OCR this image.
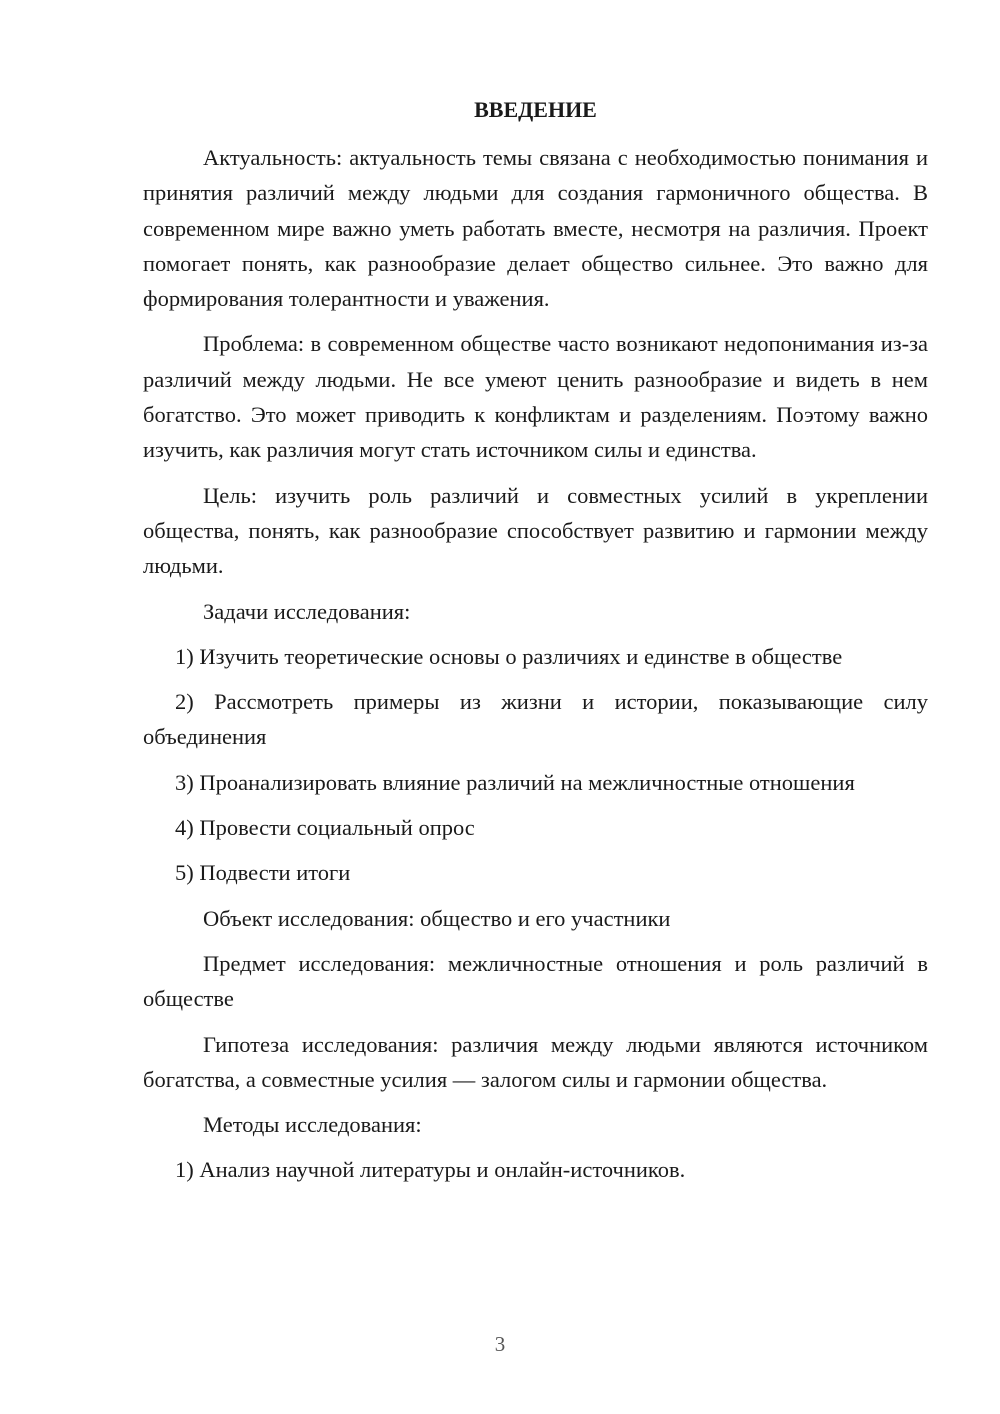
ВВЕДЕНИЕ

Актуальность: актуальность темы связана с необходимостью понимания и принятия различий между людьми для создания гармоничного общества. В современном мире важно уметь работать вместе, несмотря на различия. Проект помогает понять, как разнообразие делает общество сильнее. Это важно для формирования толерантности и уважения.

Проблема: в современном обществе часто возникают недопонимания из-за различий между людьми. Не все умеют ценить разнообразие и видеть в нем богатство. Это может приводить к конфликтам и разделениям. Поэтому важно изучить, как различия могут стать источником силы и единства.

Цель: изучить роль различий и совместных усилий в укреплении общества, понять, как разнообразие способствует развитию и гармонии между людьми.

Задачи исследования:

1) Изучить теоретические основы о различиях и единстве в обществе

2) Рассмотреть примеры из жизни и истории, показывающие силу объединения

3) Проанализировать влияние различий на межличностные отношения

4) Провести социальный опрос

5) Подвести итоги

Объект исследования: общество и его участники

Предмет исследования: межличностные отношения и роль различий в обществе

Гипотеза исследования: различия между людьми являются источником богатства, а совместные усилия — залогом силы и гармонии общества.

Методы исследования:

1) Анализ научной литературы и онлайн-источников.

3
